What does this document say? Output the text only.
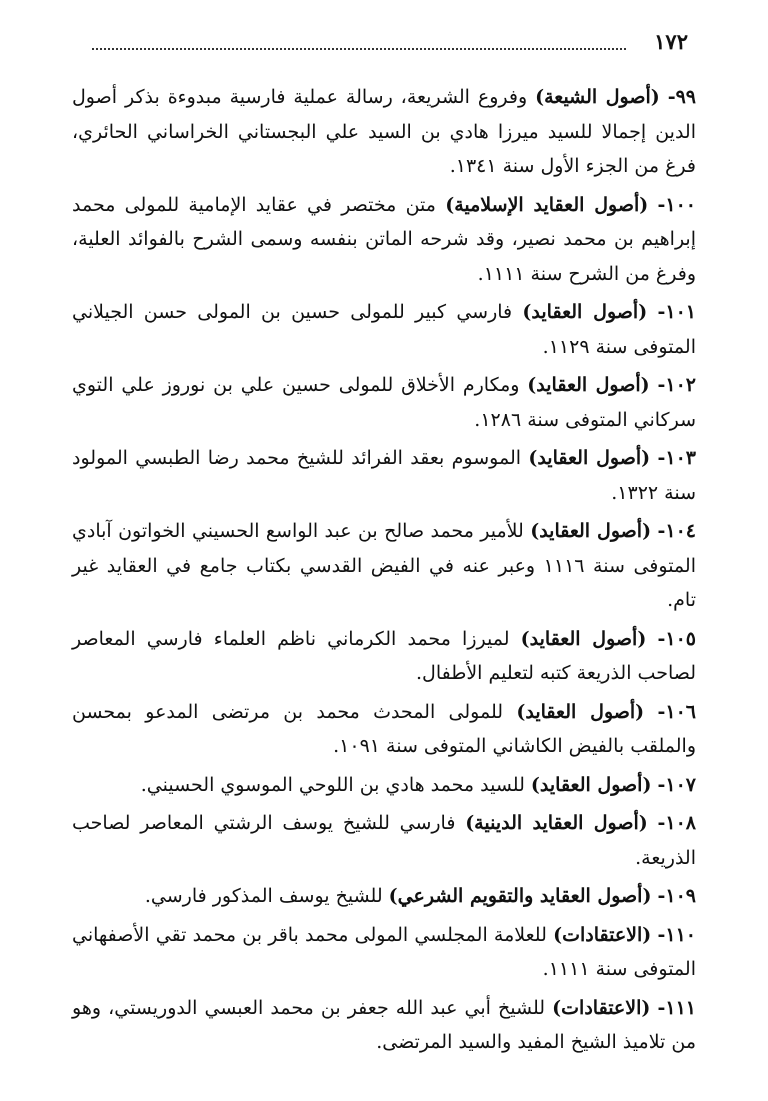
١٧٢

٩٩- (أصول الشيعة) وفروع الشريعة، رسالة عملية فارسية مبدوءة بذكر أصول الدين إجمالا للسيد ميرزا هادي بن السيد علي البجستاني الخراساني الحائري، فرغ من الجزء الأول سنة ١٣٤١.

١٠٠- (أصول العقايد الإسلامية) متن مختصر في عقايد الإمامية للمولى محمد إبراهيم بن محمد نصير، وقد شرحه الماتن بنفسه وسمى الشرح بالفوائد العلية، وفرغ من الشرح سنة ١١١١.

١٠١- (أصول العقايد) فارسي كبير للمولى حسين بن المولى حسن الجيلاني المتوفى سنة ١١٢٩.

١٠٢- (أصول العقايد) ومكارم الأخلاق للمولى حسين علي بن نوروز علي التوي سركاني المتوفى سنة ١٢٨٦.

١٠٣- (أصول العقايد) الموسوم بعقد الفرائد للشيخ محمد رضا الطبسي المولود سنة ١٣٢٢.

١٠٤- (أصول العقايد) للأمير محمد صالح بن عبد الواسع الحسيني الخواتون آبادي المتوفى سنة ١١١٦ وعبر عنه في الفيض القدسي بكتاب جامع في العقايد غير تام.

١٠٥- (أصول العقايد) لميرزا محمد الكرماني ناظم العلماء فارسي المعاصر لصاحب الذريعة كتبه لتعليم الأطفال.

١٠٦- (أصول العقايد) للمولى المحدث محمد بن مرتضى المدعو بمحسن والملقب بالفيض الكاشاني المتوفى سنة ١٠٩١.

١٠٧- (أصول العقايد) للسيد محمد هادي بن اللوحي الموسوي الحسيني.

١٠٨- (أصول العقايد الدينية) فارسي للشيخ يوسف الرشتي المعاصر لصاحب الذريعة.

١٠٩- (أصول العقايد والتقويم الشرعي) للشيخ يوسف المذكور فارسي.

١١٠- (الاعتقادات) للعلامة المجلسي المولى محمد باقر بن محمد تقي الأصفهاني المتوفى سنة ١١١١.

١١١- (الاعتقادات) للشيخ أبي عبد الله جعفر بن محمد العبسي الدوريستي، وهو من تلاميذ الشيخ المفيد والسيد المرتضى.
